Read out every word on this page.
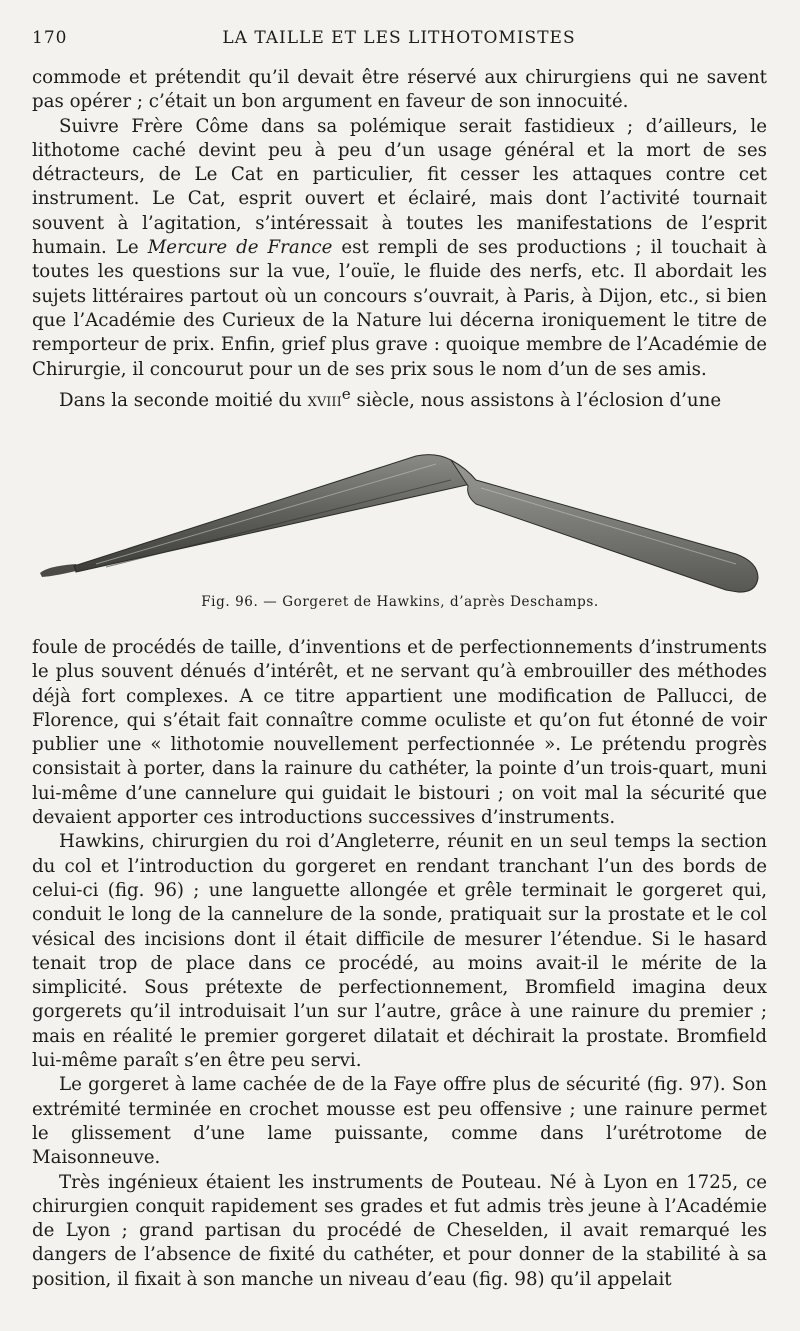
170	LA TAILLE ET LES LITHOTOMISTES

commode et prétendit qu’il devait être réservé aux chirurgiens qui ne savent pas opérer ; c’était un bon argument en faveur de son innocuité.

Suivre Frère Côme dans sa polémique serait fastidieux ; d’ailleurs, le lithotome caché devint peu à peu d’un usage général et la mort de ses détracteurs, de Le Cat en particulier, fit cesser les attaques contre cet instrument. Le Cat, esprit ouvert et éclairé, mais dont l’activité tournait souvent à l’agitation, s’intéressait à toutes les manifestations de l’esprit humain. Le Mercure de France est rempli de ses productions ; il touchait à toutes les questions sur la vue, l’ouïe, le fluide des nerfs, etc. Il abordait les sujets littéraires partout où un concours s’ouvrait, à Paris, à Dijon, etc., si bien que l’Académie des Curieux de la Nature lui décerna ironiquement le titre de remporteur de prix. Enfin, grief plus grave : quoique membre de l’Académie de Chirurgie, il concourut pour un de ses prix sous le nom d’un de ses amis.

Dans la seconde moitié du xviii$^e$ siècle, nous assistons à l’éclosion d’une

Fig. 96. — Gorgeret de Hawkins, d’après Deschamps.

foule de procédés de taille, d’inventions et de perfectionnements d’instruments le plus souvent dénués d’intérêt, et ne servant qu’à embrouiller des méthodes déjà fort complexes. A ce titre appartient une modification de Pallucci, de Florence, qui s’était fait connaître comme oculiste et qu’on fut étonné de voir publier une « lithotomie nouvellement perfectionnée ». Le prétendu progrès consistait à porter, dans la rainure du cathéter, la pointe d’un trois-quart, muni lui-même d’une cannelure qui guidait le bistouri ; on voit mal la sécurité que devaient apporter ces introductions successives d’instruments.

Hawkins, chirurgien du roi d’Angleterre, réunit en un seul temps la section du col et l’introduction du gorgeret en rendant tranchant l’un des bords de celui-ci (fig. 96) ; une languette allongée et grêle terminait le gorgeret qui, conduit le long de la cannelure de la sonde, pratiquait sur la prostate et le col vésical des incisions dont il était difficile de mesurer l’étendue. Si le hasard tenait trop de place dans ce procédé, au moins avait-il le mérite de la simplicité. Sous prétexte de perfectionnement, Bromfield imagina deux gorgerets qu’il introduisait l’un sur l’autre, grâce à une rainure du premier ; mais en réalité le premier gorgeret dilatait et déchirait la prostate. Bromfield lui-même paraît s’en être peu servi.

Le gorgeret à lame cachée de de la Faye offre plus de sécurité (fig. 97). Son extrémité terminée en crochet mousse est peu offensive ; une rainure permet le glissement d’une lame puissante, comme dans l’urétrotome de Maisonneuve.

Très ingénieux étaient les instruments de Pouteau. Né à Lyon en 1725, ce chirurgien conquit rapidement ses grades et fut admis très jeune à l’Académie de Lyon ; grand partisan du procédé de Cheselden, il avait remarqué les dangers de l’absence de fixité du cathéter, et pour donner de la stabilité à sa position, il fixait à son manche un niveau d’eau (fig. 98) qu’il appelait
